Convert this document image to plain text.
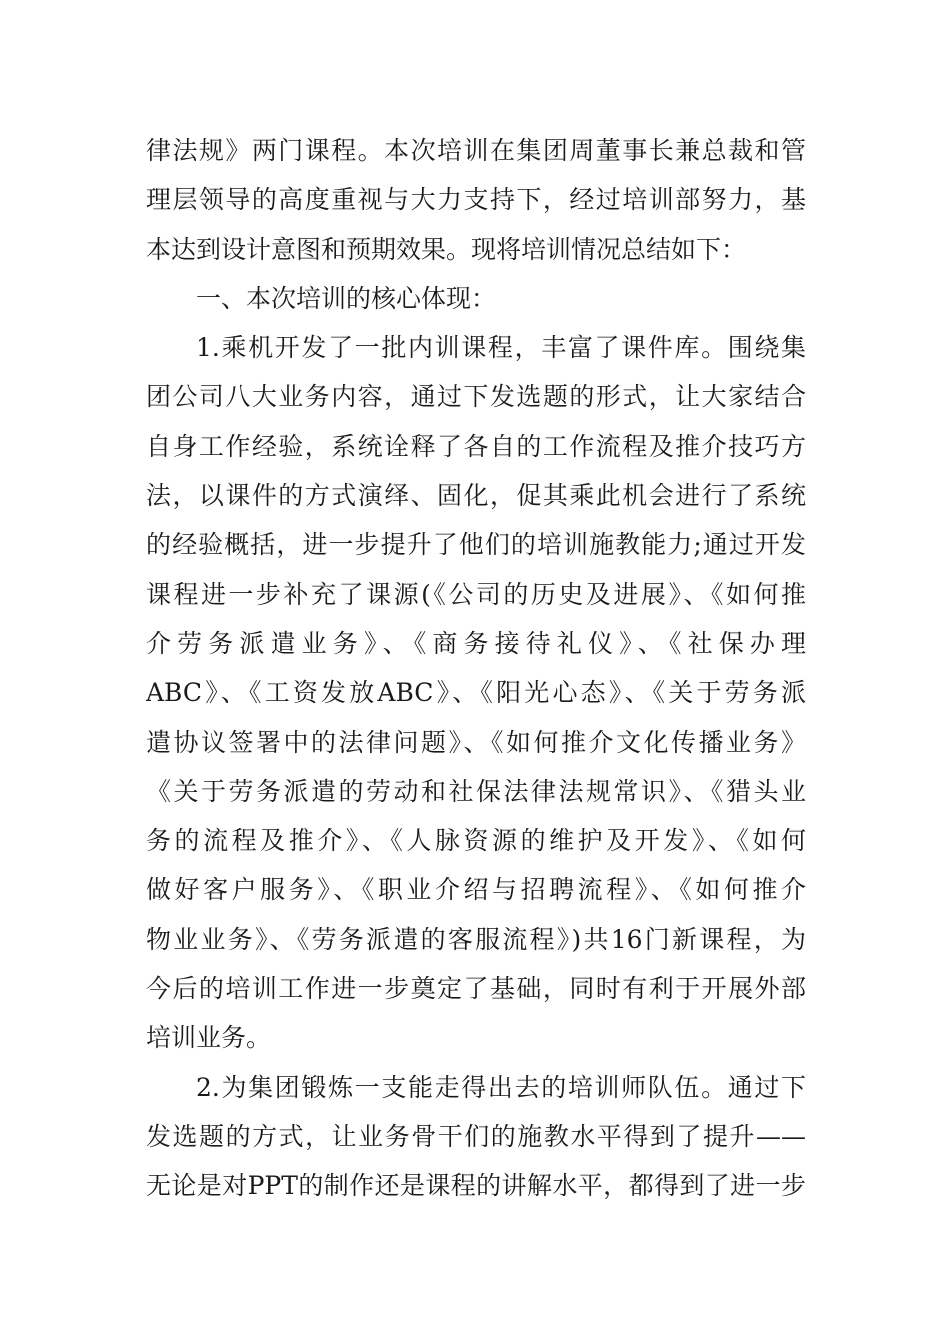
律法规》两门课程。本次培训在集团周董事长兼总裁和管
理层领导的高度重视与大力支持下，经过培训部努力，基
本达到设计意图和预期效果。现将培训情况总结如下：
一、本次培训的核心体现：
1.乘机开发了一批内训课程，丰富了课件库。围绕集
团公司八大业务内容，通过下发选题的形式，让大家结合
自身工作经验，系统诠释了各自的工作流程及推介技巧方
法，以课件的方式演绎、固化，促其乘此机会进行了系统
的经验概括，进一步提升了他们的培训施教能力;通过开发
课程进一步补充了课源(《公司的历史及进展》、《如何推
介劳务派遣业务》、《商务接待礼仪》、《社保办理
ABC》、《工资发放ABC》、《阳光心态》、《关于劳务派
遣协议签署中的法律问题》、《如何推介文化传播业务》
《关于劳务派遣的劳动和社保法律法规常识》、《猎头业
务的流程及推介》、《人脉资源的维护及开发》、《如何
做好客户服务》、《职业介绍与招聘流程》、《如何推介
物业业务》、《劳务派遣的客服流程》)共16门新课程，为
今后的培训工作进一步奠定了基础，同时有利于开展外部
培训业务。
2.为集团锻炼一支能走得出去的培训师队伍。通过下
发选题的方式，让业务骨干们的施教水平得到了提升——
无论是对PPT的制作还是课程的讲解水平，都得到了进一步
